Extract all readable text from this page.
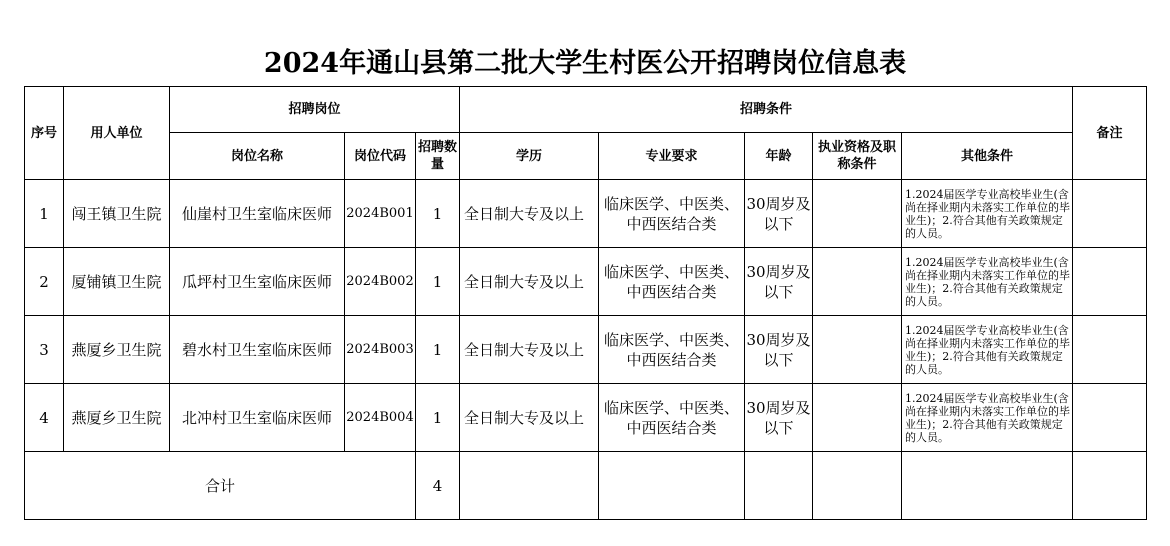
2024年通山县第二批大学生村医公开招聘岗位信息表
序号	用人单位	招聘岗位			招聘条件					备注
		岗位名称	岗位代码	招聘数量	学历	专业要求	年龄	执业资格及职称条件	其他条件	
1	闯王镇卫生院	仙崖村卫生室临床医师	2024B001	1	全日制大专及以上	临床医学、中医类、中西医结合类	30周岁及以下		1.2024届医学专业高校毕业生(含尚在择业期内未落实工作单位的毕业生)；2.符合其他有关政策规定的人员。	
2	厦铺镇卫生院	瓜坪村卫生室临床医师	2024B002	1	全日制大专及以上	临床医学、中医类、中西医结合类	30周岁及以下		1.2024届医学专业高校毕业生(含尚在择业期内未落实工作单位的毕业生)；2.符合其他有关政策规定的人员。	
3	燕厦乡卫生院	碧水村卫生室临床医师	2024B003	1	全日制大专及以上	临床医学、中医类、中西医结合类	30周岁及以下		1.2024届医学专业高校毕业生(含尚在择业期内未落实工作单位的毕业生)；2.符合其他有关政策规定的人员。	
4	燕厦乡卫生院	北冲村卫生室临床医师	2024B004	1	全日制大专及以上	临床医学、中医类、中西医结合类	30周岁及以下		1.2024届医学专业高校毕业生(含尚在择业期内未落实工作单位的毕业生)；2.符合其他有关政策规定的人员。	
合计				4						
